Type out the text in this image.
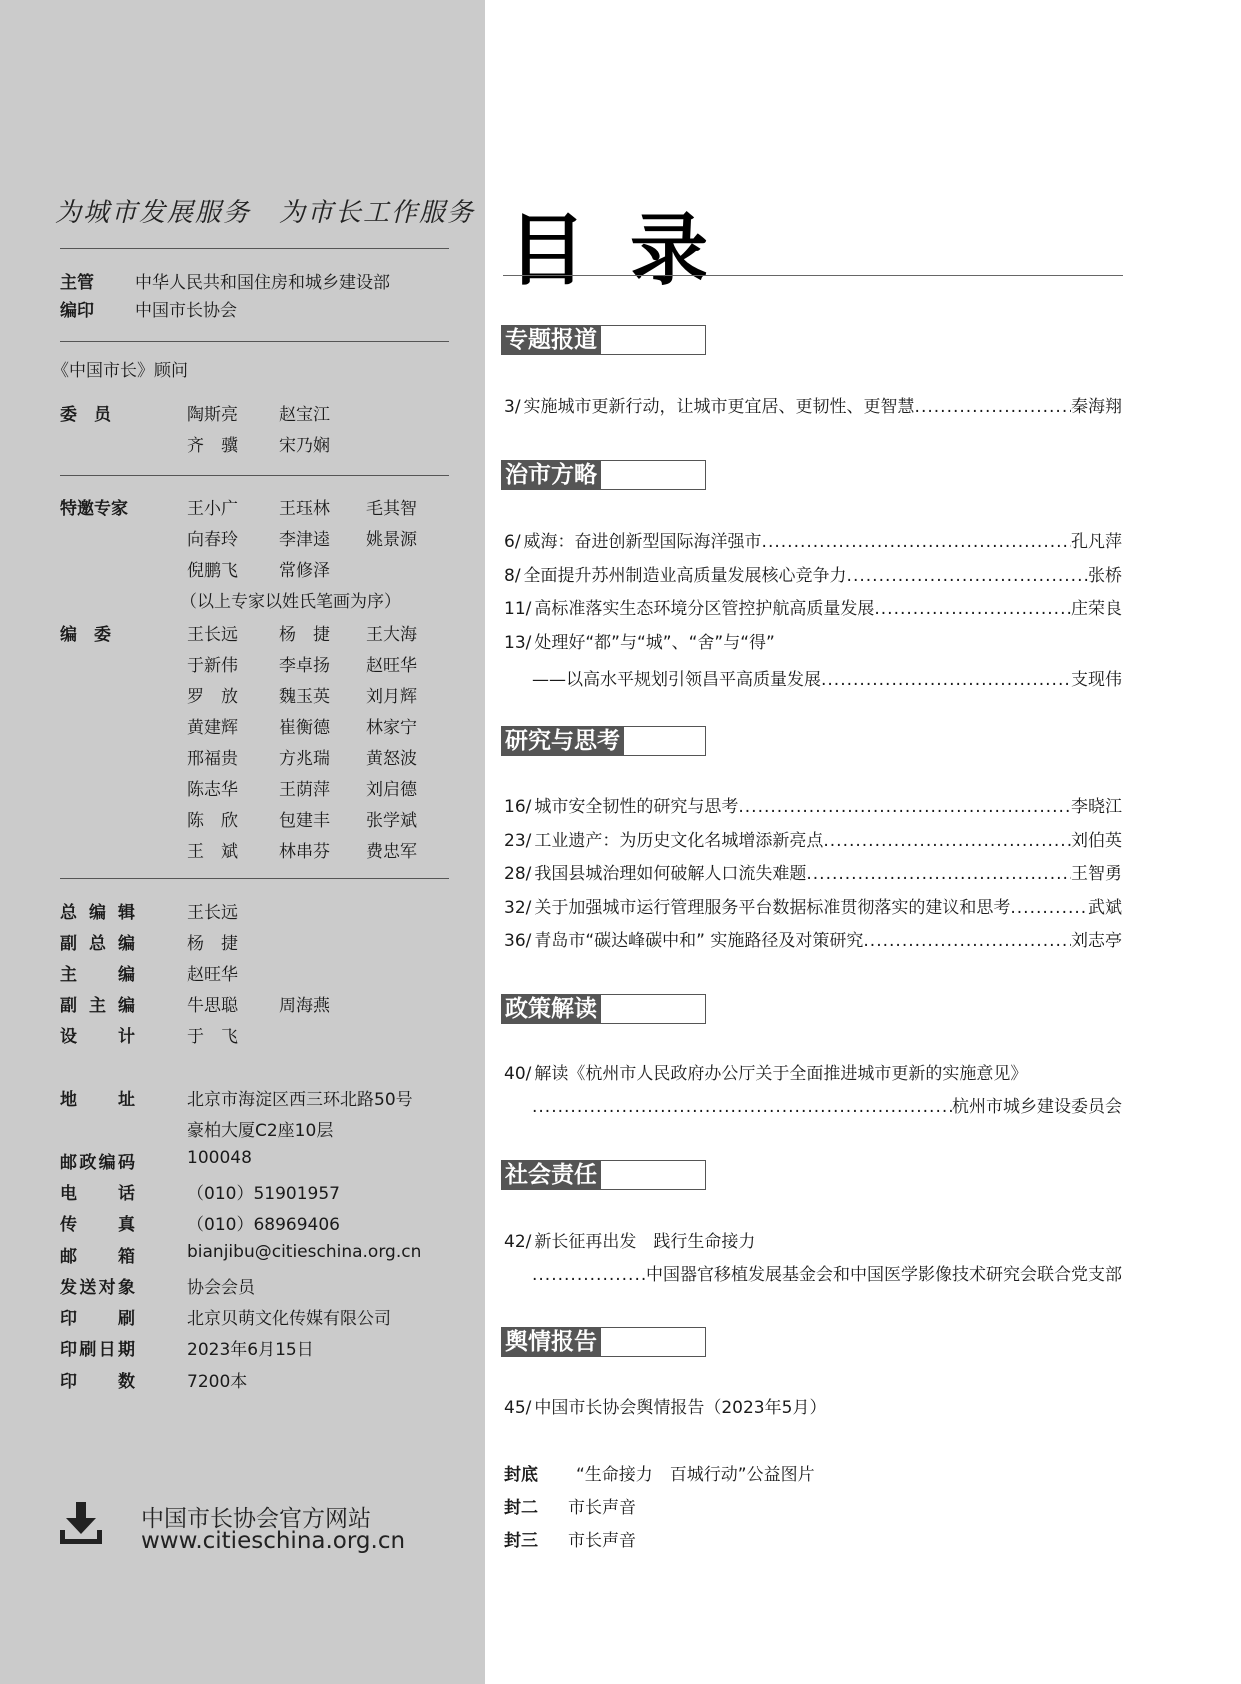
为城市发展服务　为市长工作服务
主管 中华人民共和国住房和城乡建设部
编印 中国市长协会
《中国市长》顾问
委　员	陶斯亮 赵宝江
齐　骥 宋乃娴
特邀专家	王小广 王珏林 毛其智
向春玲 李津逵 姚景源
倪鹏飞 常修泽
（以上专家以姓氏笔画为序）
编　委	王长远 杨　捷 王大海
于新伟 李卓扬 赵旺华
罗　放 魏玉英 刘月辉
黄建辉 崔衡德 林家宁
邢福贵 方兆瑞 黄怒波
陈志华 王荫萍 刘启德
陈　欣 包建丰 张学斌
王　斌 林串芬 费忠军
总 编 辑	王长远
副 总 编	杨　捷
主 编	赵旺华
副 主 编	牛思聪 周海燕
设 计	于　飞
地 址	北京市海淀区西三环北路50号
豪柏大厦C2座10层
邮 政 编 码	100048
电 话	（010）51901957
传 真	（010）68969406
邮 箱	bianjibu@citieschina.org.cn
发 送 对 象	协会会员
印 刷	北京贝萌文化传媒有限公司
印 刷 日 期	2023年6月15日
印 数	7200本
中国市长协会官方网站
www.citieschina.org.cn
目录
专题报道
3/ 实施城市更新行动，让城市更宜居、更韧性、更智慧 .....	秦海翔
治市方略
6/ 威海：奋进创新型国际海洋强市 .....	孔凡萍
8/ 全面提升苏州制造业高质量发展核心竞争力 .....	张桥
11/ 高标准落实生态环境分区管控护航高质量发展 .....	庄荣良
13/ 处理好“都”与“城”、“舍”与“得”
——以高水平规划引领昌平高质量发展 .....	支现伟
研究与思考
16/ 城市安全韧性的研究与思考 .....	李晓江
23/ 工业遗产：为历史文化名城增添新亮点 .....	刘伯英
28/ 我国县城治理如何破解人口流失难题 .....	王智勇
32/ 关于加强城市运行管理服务平台数据标准贯彻落实的建议和思考 .....	武斌
36/ 青岛市“碳达峰碳中和” 实施路径及对策研究 .....	刘志亭
政策解读
40/ 解读《杭州市人民政府办公厅关于全面推进城市更新的实施意见》
.....
杭州市城乡建设委员会
社会责任
42/ 新长征再出发　践行生命接力
.....
中国器官移植发展基金会和中国医学影像技术研究会联合党支部
舆情报告
45/ 中国市长协会舆情报告（2023年5月）
封底 “生命接力　百城行动”公益图片
封二 市长声音
封三 市长声音
